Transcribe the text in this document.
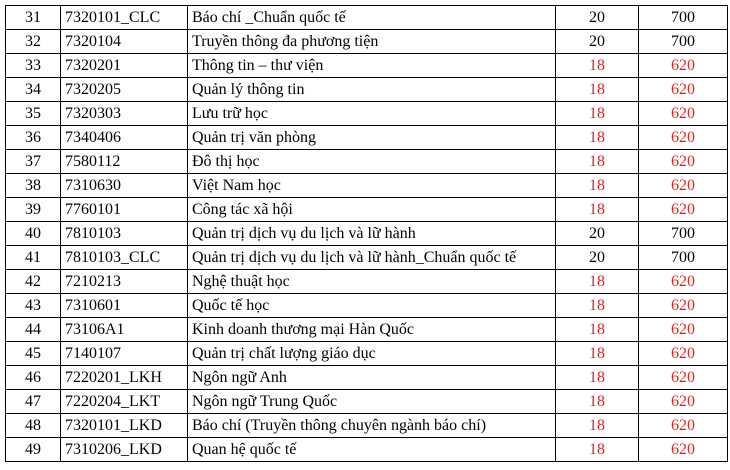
31	7320101_CLC	Báo chí _Chuẩn quốc tế	20	700
32	7320104	Truyền thông đa phương tiện	20	700
33	7320201	Thông tin – thư viện	18	620
34	7320205	Quản lý thông tin	18	620
35	7320303	Lưu trữ học	18	620
36	7340406	Quản trị văn phòng	18	620
37	7580112	Đô thị học	18	620
38	7310630	Việt Nam học	18	620
39	7760101	Công tác xã hội	18	620
40	7810103	Quản trị dịch vụ du lịch và lữ hành	20	700
41	7810103_CLC	Quản trị dịch vụ du lịch và lữ hành_Chuẩn quốc tế	20	700
42	7210213	Nghệ thuật học	18	620
43	7310601	Quốc tế học	18	620
44	73106A1	Kinh doanh thương mại Hàn Quốc	18	620
45	7140107	Quản trị chất lượng giáo dục	18	620
46	7220201_LKH	Ngôn ngữ Anh	18	620
47	7220204_LKT	Ngôn ngữ Trung Quốc	18	620
48	7320101_LKD	Báo chí (Truyền thông chuyên ngành báo chí)	18	620
49	7310206_LKD	Quan hệ quốc tế	18	620
